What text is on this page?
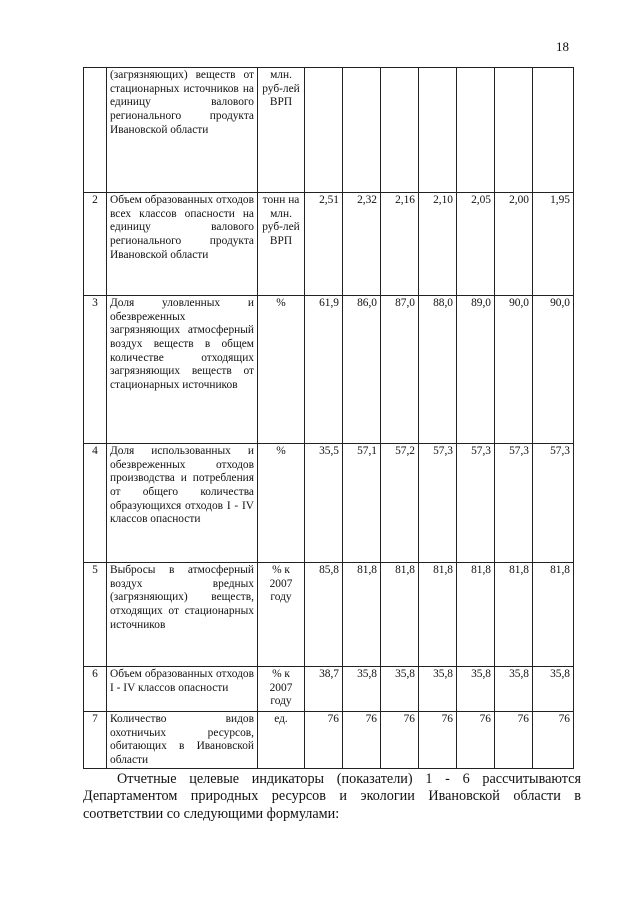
18
	(загрязняющих) веществ от стационарных источников на единицу валового регионального продукта Ивановской области	млн. руб-лей ВРП							
2	Объем образованных отходов всех классов опасности на единицу валового регионального продукта Ивановской области	тонн на млн. руб-лей ВРП	2,51	2,32	2,16	2,10	2,05	2,00	1,95
3	Доля уловленных и обезвреженных загрязняющих атмосферный воздух веществ в общем количестве отходящих загрязняющих веществ от стационарных источников	%	61,9	86,0	87,0	88,0	89,0	90,0	90,0
4	Доля использованных и обезвреженных отходов производства и потребления от общего количества образующихся отходов I - IV классов опасности	%	35,5	57,1	57,2	57,3	57,3	57,3	57,3
5	Выбросы в атмосферный воздух вредных (загрязняющих) веществ, отходящих от стационарных источников	% к 2007 году	85,8	81,8	81,8	81,8	81,8	81,8	81,8
6	Объем образованных отходов I - IV классов опасности	% к 2007 году	38,7	35,8	35,8	35,8	35,8	35,8	35,8
7	Количество видов охотничьих ресурсов, обитающих в Ивановской области	ед.	76	76	76	76	76	76	76
Отчетные целевые индикаторы (показатели) 1 - 6 рассчитываются Департаментом природных ресурсов и экологии Ивановской области в соответствии со следующими формулами:
